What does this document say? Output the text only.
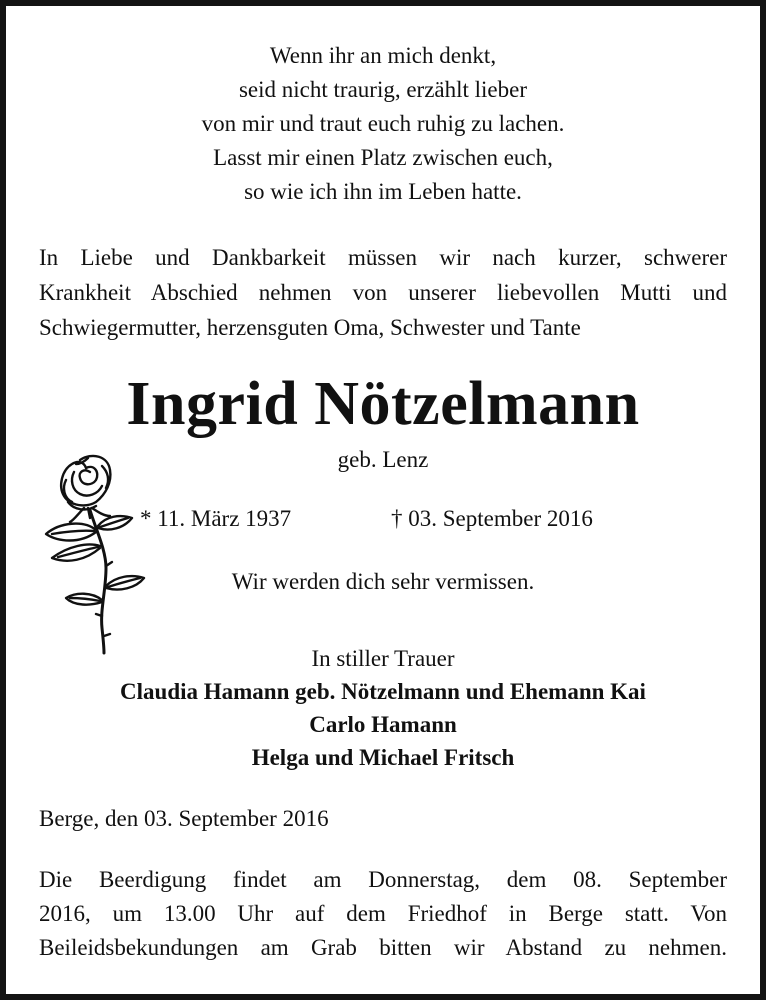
Wenn ihr an mich denkt,
seid nicht traurig, erzählt lieber
von mir und traut euch ruhig zu lachen.
Lasst mir einen Platz zwischen euch,
so wie ich ihn im Leben hatte.
In Liebe und Dankbarkeit müssen wir nach kurzer, schwerer
Krankheit Abschied nehmen von unserer liebevollen Mutti und
Schwiegermutter, herzensguten Oma, Schwester und Tante
Ingrid Nötzelmann
geb. Lenz
* 11. März 1937	† 03. September 2016
Wir werden dich sehr vermissen.
In stiller Trauer
Claudia Hamann geb. Nötzelmann und Ehemann Kai
Carlo Hamann
Helga und Michael Fritsch
Berge, den 03. September 2016
Die Beerdigung findet am Donnerstag, dem 08. September
2016, um 13.00 Uhr auf dem Friedhof in Berge statt. Von
Beileidsbekundungen am Grab bitten wir Abstand zu nehmen.
